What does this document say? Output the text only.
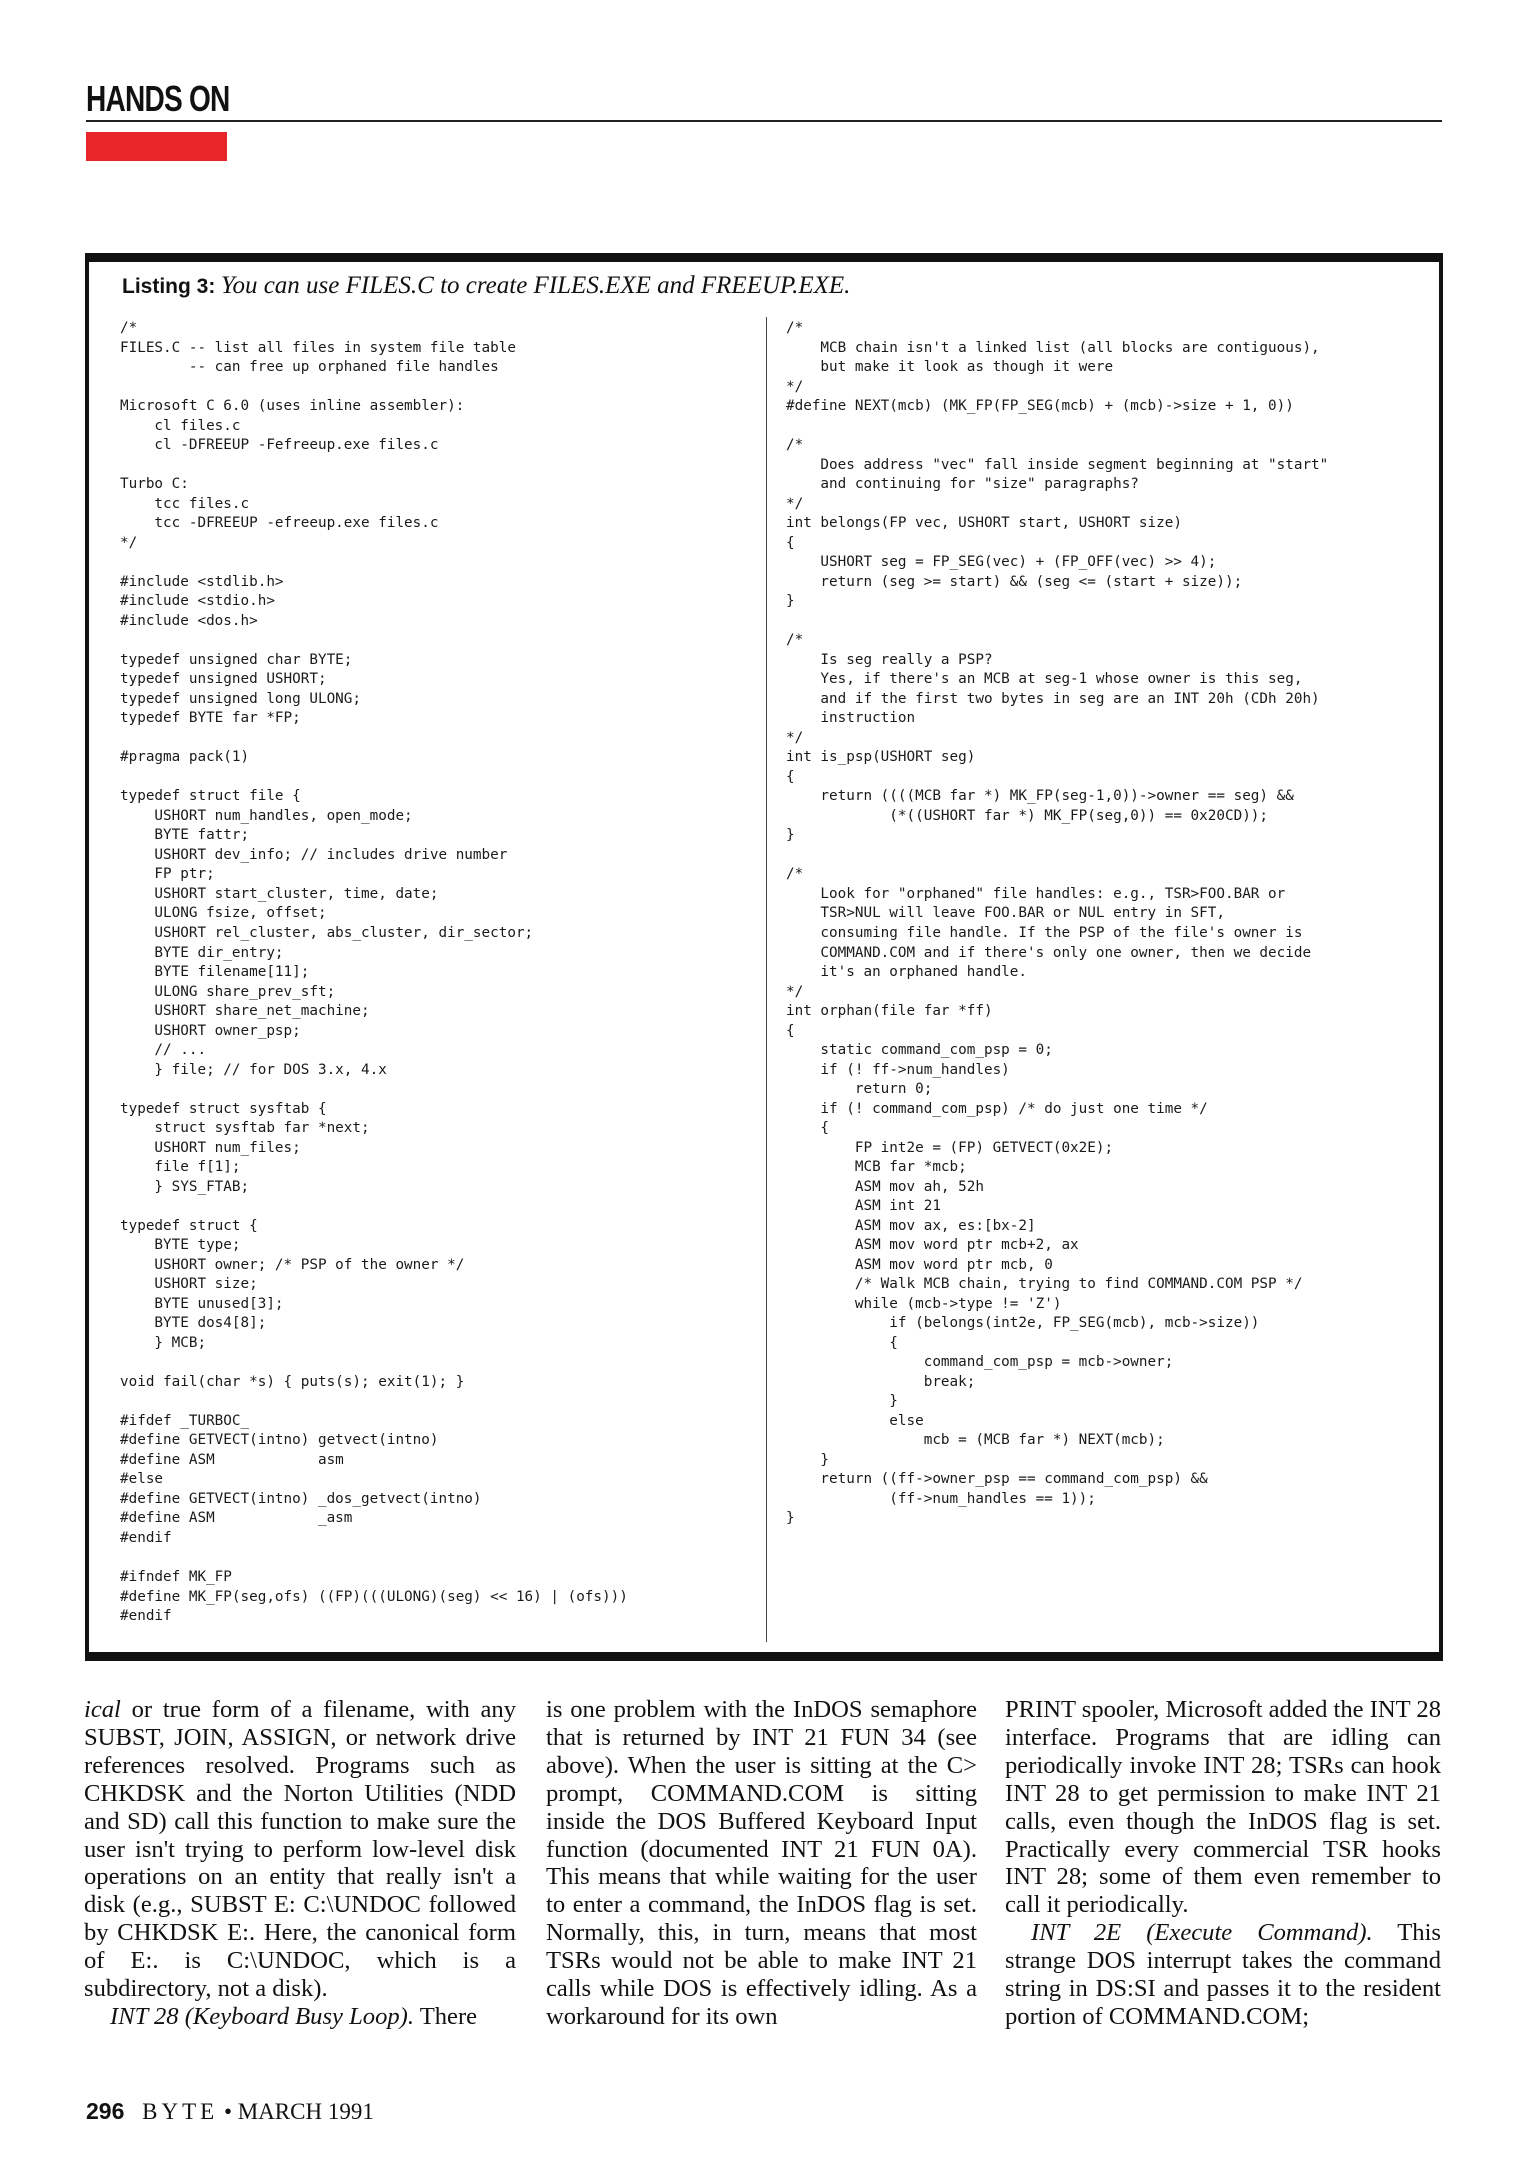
HANDS ON
Listing 3: You can use FILES.C to create FILES.EXE and FREEUP.EXE.
/*
FILES.C -- list all files in system file table
-- can free up orphaned file handles

Microsoft C 6.0 (uses inline assembler):
cl files.c
cl -DFREEUP -Fefreeup.exe files.c

Turbo C:
tcc files.c
tcc -DFREEUP -efreeup.exe files.c
*/

#include <stdlib.h>
#include <stdio.h>
#include <dos.h>

typedef unsigned char BYTE;
typedef unsigned USHORT;
typedef unsigned long ULONG;
typedef BYTE far *FP;

#pragma pack(1)

typedef struct file {
USHORT num_handles, open_mode;
BYTE fattr;
USHORT dev_info; // includes drive number
FP ptr;
USHORT start_cluster, time, date;
ULONG fsize, offset;
USHORT rel_cluster, abs_cluster, dir_sector;
BYTE dir_entry;
BYTE filename[11];
ULONG share_prev_sft;
USHORT share_net_machine;
USHORT owner_psp;
// ...
} file; // for DOS 3.x, 4.x

typedef struct sysftab {
struct sysftab far *next;
USHORT num_files;
file f[1];
} SYS_FTAB;

typedef struct {
BYTE type;
USHORT owner; /* PSP of the owner */
USHORT size;
BYTE unused[3];
BYTE dos4[8];
} MCB;

void fail(char *s) { puts(s); exit(1); }

#ifdef _TURBOC_
#define GETVECT(intno) getvect(intno)
#define ASM            asm
#else
#define GETVECT(intno) _dos_getvect(intno)
#define ASM            _asm
#endif

#ifndef MK_FP
#define MK_FP(seg,ofs) ((FP)(((ULONG)(seg) << 16) | (ofs)))
#endif
/*
MCB chain isn't a linked list (all blocks are contiguous),
but make it look as though it were
*/
#define NEXT(mcb) (MK_FP(FP_SEG(mcb) + (mcb)->size + 1, 0))

/*
Does address "vec" fall inside segment beginning at "start"
and continuing for "size" paragraphs?
*/
int belongs(FP vec, USHORT start, USHORT size)
{
USHORT seg = FP_SEG(vec) + (FP_OFF(vec) >> 4);
return (seg >= start) && (seg <= (start + size));
}

/*
Is seg really a PSP?
Yes, if there's an MCB at seg-1 whose owner is this seg,
and if the first two bytes in seg are an INT 20h (CDh 20h)
instruction
*/
int is_psp(USHORT seg)
{
return ((((MCB far *) MK_FP(seg-1,0))->owner == seg) &&
(*((USHORT far *) MK_FP(seg,0)) == 0x20CD));
}

/*
Look for "orphaned" file handles: e.g., TSR>FOO.BAR or
TSR>NUL will leave FOO.BAR or NUL entry in SFT,
consuming file handle. If the PSP of the file's owner is
COMMAND.COM and if there's only one owner, then we decide
it's an orphaned handle.
*/
int orphan(file far *ff)
{
static command_com_psp = 0;
if (! ff->num_handles)
return 0;
if (! command_com_psp) /* do just one time */
{
FP int2e = (FP) GETVECT(0x2E);
MCB far *mcb;
ASM mov ah, 52h
ASM int 21
ASM mov ax, es:[bx-2]
ASM mov word ptr mcb+2, ax
ASM mov word ptr mcb, 0
/* Walk MCB chain, trying to find COMMAND.COM PSP */
while (mcb->type != 'Z')
if (belongs(int2e, FP_SEG(mcb), mcb->size))
{
command_com_psp = mcb->owner;
break;
}
else
mcb = (MCB far *) NEXT(mcb);
}
return ((ff->owner_psp == command_com_psp) &&
(ff->num_handles == 1));
}

ical or true form of a filename, with any SUBST, JOIN, ASSIGN, or network drive references resolved. Programs such as CHKDSK and the Norton Utilities (NDD and SD) call this function to make sure the user isn't trying to perform low-level disk operations on an entity that really isn't a disk (e.g., SUBST E: C:\UNDOC followed by CHKDSK E:. Here, the canonical form of E:. is C:\UNDOC, which is a subdirectory, not a disk).

INT 28 (Keyboard Busy Loop). There

is one problem with the InDOS semaphore that is returned by INT 21 FUN 34 (see above). When the user is sitting at the C> prompt, COMMAND.COM is sitting inside the DOS Buffered Keyboard Input function (documented INT 21 FUN 0A). This means that while waiting for the user to enter a command, the InDOS flag is set. Normally, this, in turn, means that most TSRs would not be able to make INT 21 calls while DOS is effectively idling. As a workaround for its own

PRINT spooler, Microsoft added the INT 28 interface. Programs that are idling can periodically invoke INT 28; TSRs can hook INT 28 to get permission to make INT 21 calls, even though the InDOS flag is set. Practically every commercial TSR hooks INT 28; some of them even remember to call it periodically.

INT 2E (Execute Command). This strange DOS interrupt takes the command string in DS:SI and passes it to the resident portion of COMMAND.COM;

296 BYTE • MARCH 1991
